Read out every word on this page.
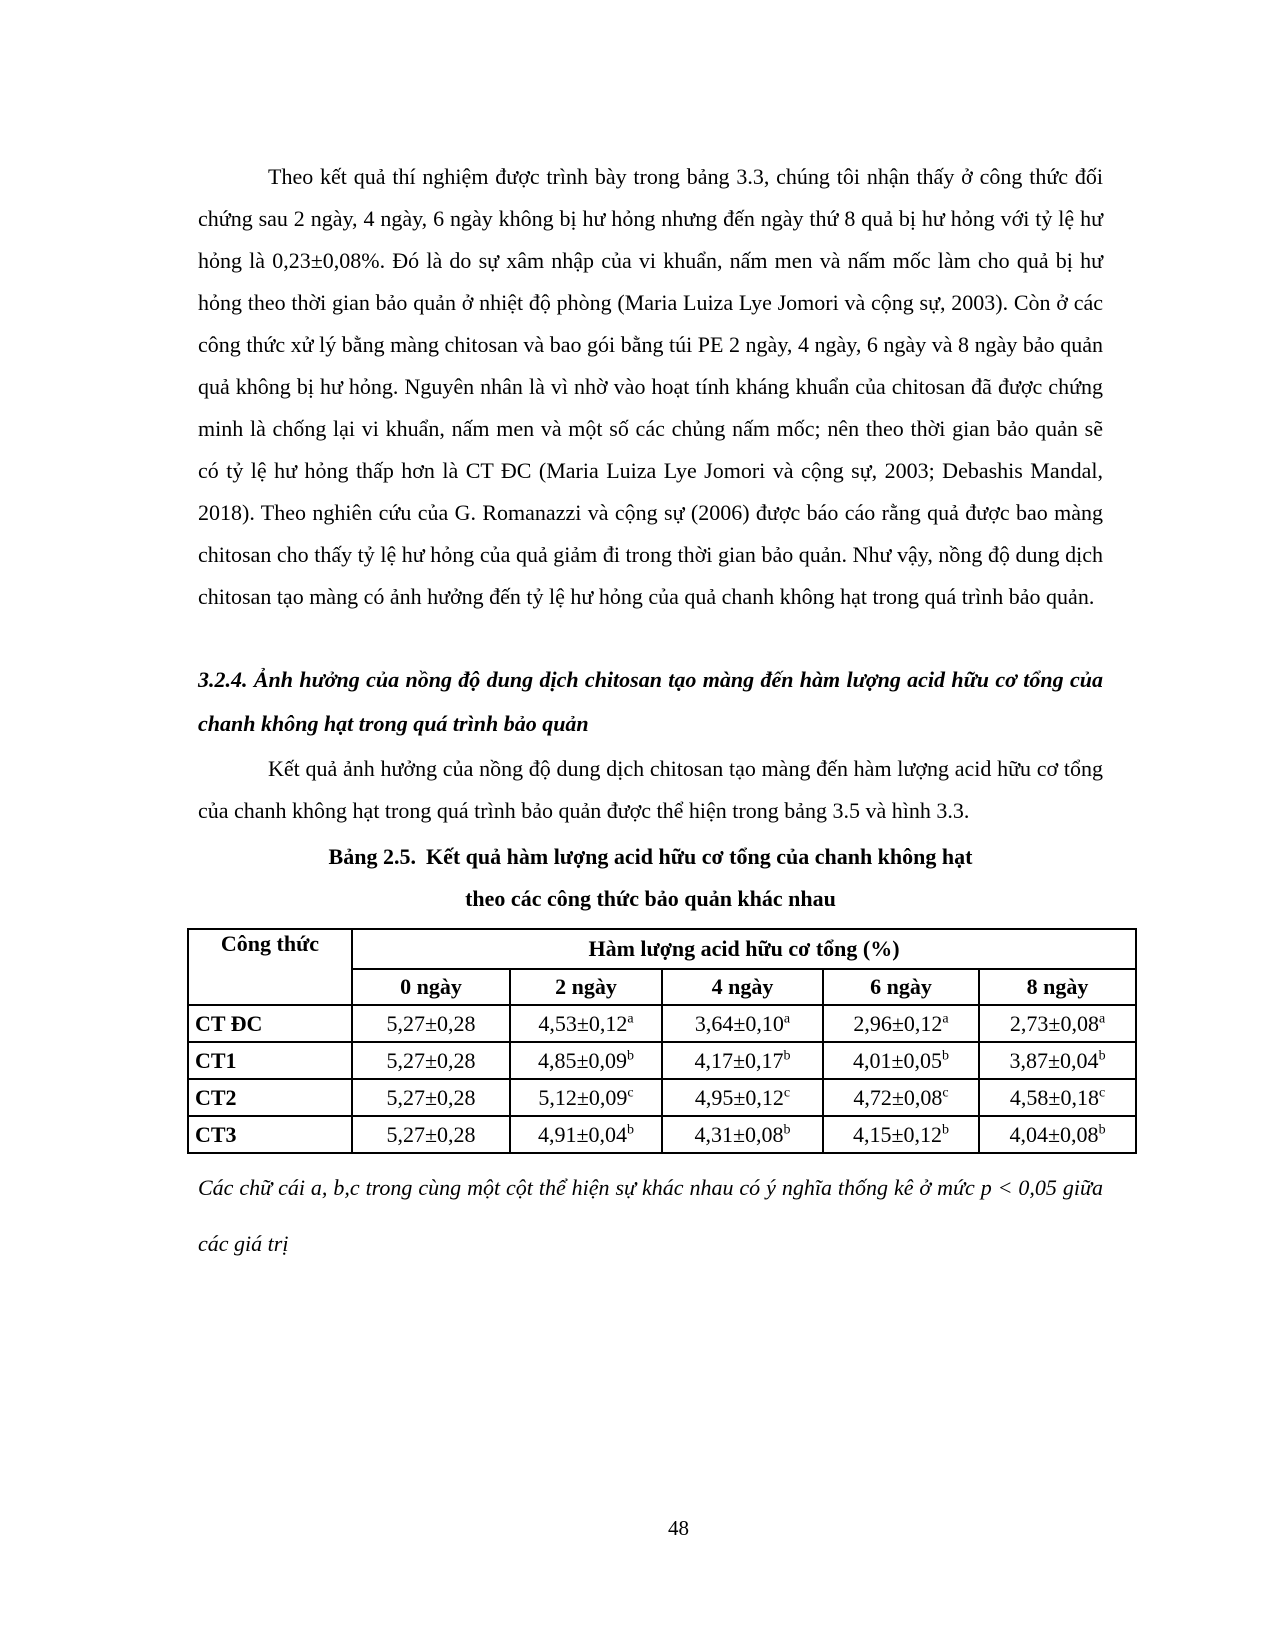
Theo kết quả thí nghiệm được trình bày trong bảng 3.3, chúng tôi nhận thấy ở công thức đối chứng sau 2 ngày, 4 ngày, 6 ngày không bị hư hỏng nhưng đến ngày thứ 8 quả bị hư hỏng với tỷ lệ hư hỏng là 0,23±0,08%. Đó là do sự xâm nhập của vi khuẩn, nấm men và nấm mốc làm cho quả bị hư hỏng theo thời gian bảo quản ở nhiệt độ phòng (Maria Luiza Lye Jomori và cộng sự, 2003). Còn ở các công thức xử lý bằng màng chitosan và bao gói bằng túi PE 2 ngày, 4 ngày, 6 ngày và 8 ngày bảo quản quả không bị hư hỏng. Nguyên nhân là vì nhờ vào hoạt tính kháng khuẩn của chitosan đã được chứng minh là chống lại vi khuẩn, nấm men và một số các chủng nấm mốc; nên theo thời gian bảo quản sẽ có tỷ lệ hư hỏng thấp hơn là CT ĐC (Maria Luiza Lye Jomori và cộng sự, 2003; Debashis Mandal, 2018). Theo nghiên cứu của G. Romanazzi và cộng sự (2006) được báo cáo rằng quả được bao màng chitosan cho thấy tỷ lệ hư hỏng của quả giảm đi trong thời gian bảo quản. Như vậy, nồng độ dung dịch chitosan tạo màng có ảnh hưởng đến tỷ lệ hư hỏng của quả chanh không hạt trong quá trình bảo quản.

3.2.4. Ảnh hưởng của nồng độ dung dịch chitosan tạo màng đến hàm lượng acid hữu cơ tổng của chanh không hạt trong quá trình bảo quản

Kết quả ảnh hưởng của nồng độ dung dịch chitosan tạo màng đến hàm lượng acid hữu cơ tổng của chanh không hạt trong quá trình bảo quản được thể hiện trong bảng 3.5 và hình 3.3.

Bảng 2.5. Kết quả hàm lượng acid hữu cơ tổng của chanh không hạt
theo các công thức bảo quản khác nhau
Công thức	Hàm lượng acid hữu cơ tổng (%)				
	0 ngày	2 ngày	4 ngày	6 ngày	8 ngày
CT ĐC	5,27±0,28	4,53±0,12$^a$	3,64±0,10$^a$	2,96±0,12$^a$	2,73±0,08$^a$
CT1	5,27±0,28	4,85±0,09$^b$	4,17±0,17$^b$	4,01±0,05$^b$	3,87±0,04$^b$
CT2	5,27±0,28	5,12±0,09$^c$	4,95±0,12$^c$	4,72±0,08$^c$	4,58±0,18$^c$
CT3	5,27±0,28	4,91±0,04$^b$	4,31±0,08$^b$	4,15±0,12$^b$	4,04±0,08$^b$

Các chữ cái a, b,c trong cùng một cột thể hiện sự khác nhau có ý nghĩa thống kê ở mức p < 0,05 giữa các giá trị

48
